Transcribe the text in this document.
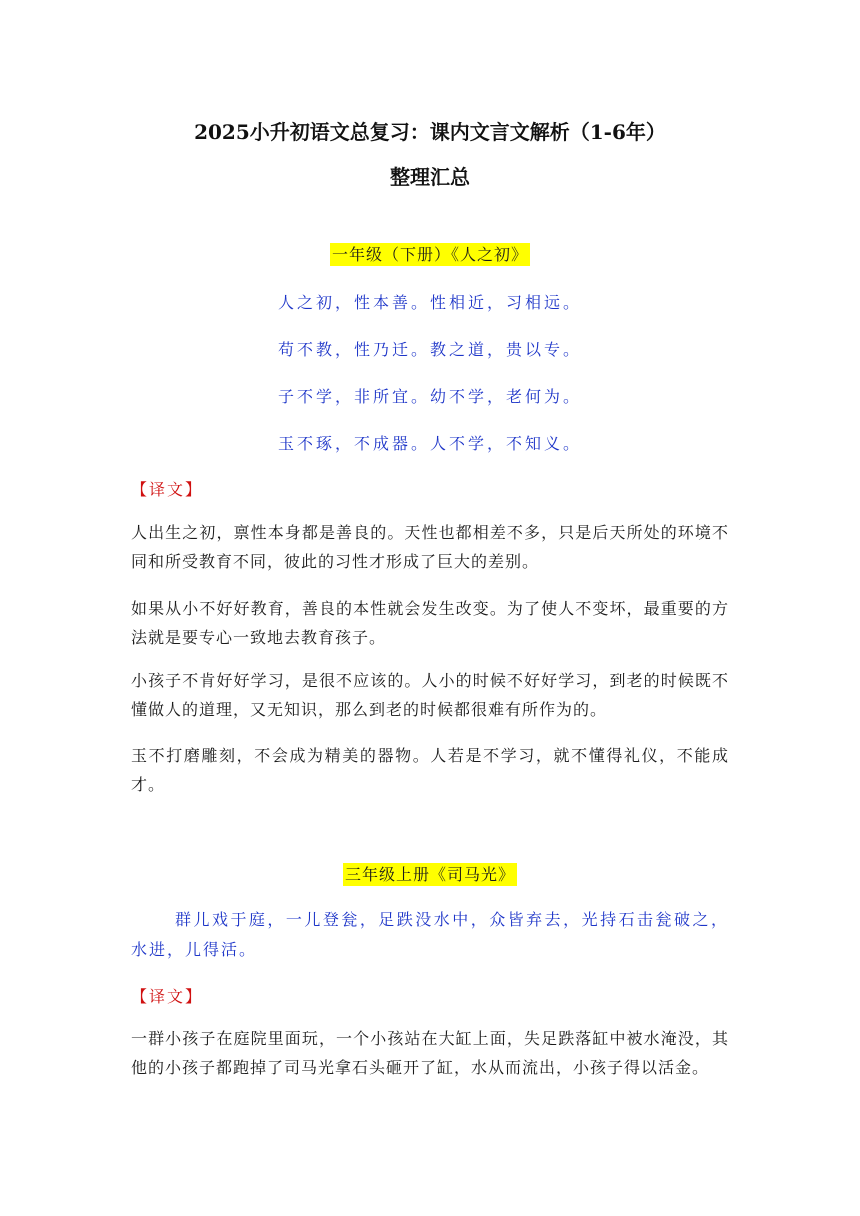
2025小升初语文总复习：课内文言文解析（1-6年）
整理汇总
一年级（下册）《人之初》
人之初，性本善。性相近，习相远。
苟不教，性乃迁。教之道，贵以专。
子不学，非所宜。幼不学，老何为。
玉不琢，不成器。人不学，不知义。
【译文】
人出生之初，禀性本身都是善良的。天性也都相差不多，只是后天所处的环境不同和所受教育不同，彼此的习性才形成了巨大的差别。
如果从小不好好教育，善良的本性就会发生改变。为了使人不变坏，最重要的方法就是要专心一致地去教育孩子。
小孩子不肯好好学习，是很不应该的。人小的时候不好好学习，到老的时候既不懂做人的道理，又无知识，那么到老的时候都很难有所作为的。
玉不打磨雕刻，不会成为精美的器物。人若是不学习，就不懂得礼仪，不能成才。
三年级上册《司马光》
群儿戏于庭，一儿登瓮，足跌没水中，众皆弃去，光持石击瓮破之，水进，儿得活。
【译文】
一群小孩子在庭院里面玩，一个小孩站在大缸上面，失足跌落缸中被水淹没，其他的小孩子都跑掉了司马光拿石头砸开了缸，水从而流出，小孩子得以活金。
